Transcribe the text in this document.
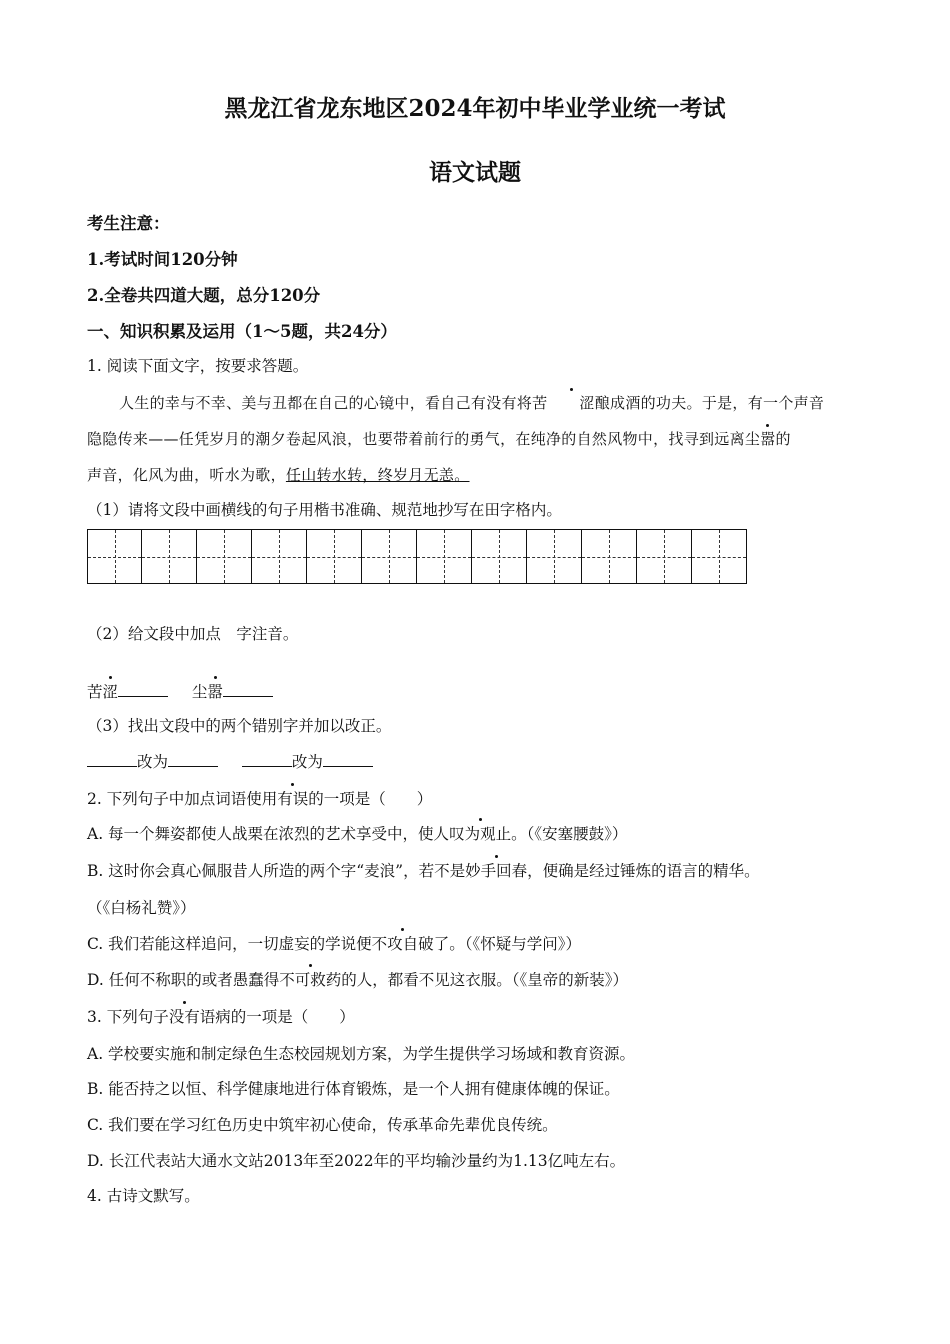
黑龙江省龙东地区2024年初中毕业学业统一考试
语文试题
考生注意：
1.考试时间120分钟
2.全卷共四道大题，总分120分
一、知识积累及运用（1～5题，共24分）
1. 阅读下面文字，按要求答题。
人生的幸与不幸、美与丑都在自己的心镜中，看自己有没有将苦 涩酿成酒的功夫。于是，有一个声音
隐隐传来——任凭岁月的潮夕卷起风浪，也要带着前行的勇气，在纯净的自然风物中，找寻到远离尘嚣的
声音，化风为曲，听水为歌，任山转水转，终岁月无恙。
（1）请将文段中画横线的句子用楷书准确、规范地抄写在田字格内。
（2）给文段中加点　字注音。
苦涩	尘嚣
（3）找出文段中的两个错别字并加以改正。
改为	改为
2. 下列句子中加点词语使用有误的一项是（　　）
A. 每一个舞姿都使人战栗在浓烈的艺术享受中，使人叹为观止。（《安塞腰鼓》）
B. 这时你会真心佩服昔人所造的两个字“麦浪”，若不是妙手回春，便确是经过锤炼的语言的精华。
（《白杨礼赞》）
C. 我们若能这样追问，一切虚妄的学说便不攻自破了。（《怀疑与学问》）
D. 任何不称职的或者愚蠢得不可救药的人，都看不见这衣服。（《皇帝的新装》）
3. 下列句子没有语病的一项是（　　）
A. 学校要实施和制定绿色生态校园规划方案，为学生提供学习场域和教育资源。
B. 能否持之以恒、科学健康地进行体育锻炼，是一个人拥有健康体魄的保证。
C. 我们要在学习红色历史中筑牢初心使命，传承革命先辈优良传统。
D. 长江代表站大通水文站2013年至2022年的平均输沙量约为1.13亿吨左右。
4. 古诗文默写。
